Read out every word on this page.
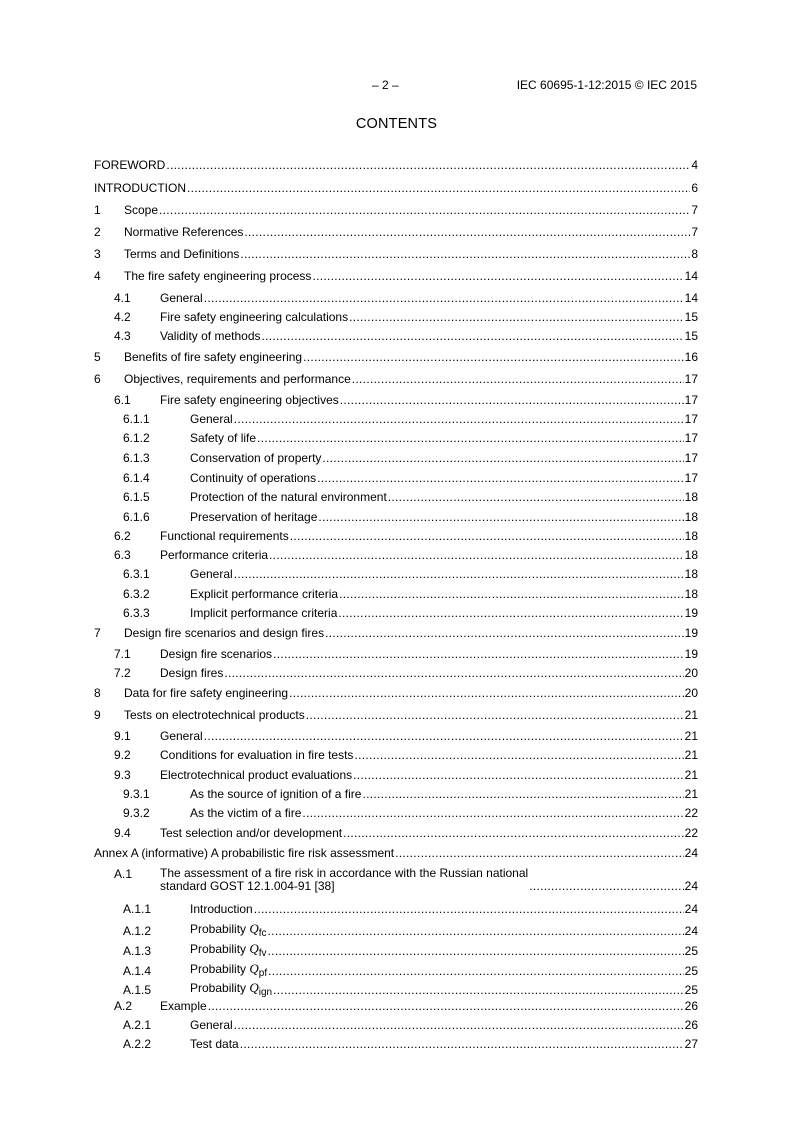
– 2 –	IEC 60695-1-12:2015 © IEC 2015
CONTENTS
FOREWORD .....	4
INTRODUCTION .....	6
1	Scope .....	7
2	Normative References .....	7
3	Terms and Definitions .....	8
4	The fire safety engineering process .....	14
4.1	General .....	14
4.2	Fire safety engineering calculations .....	15
4.3	Validity of methods .....	15
5	Benefits of fire safety engineering .....	16
6	Objectives, requirements and performance .....	17
6.1	Fire safety engineering objectives .....	17
6.1.1	General .....	17
6.1.2	Safety of life .....	17
6.1.3	Conservation of property .....	17
6.1.4	Continuity of operations .....	17
6.1.5	Protection of the natural environment .....	18
6.1.6	Preservation of heritage .....	18
6.2	Functional requirements .....	18
6.3	Performance criteria .....	18
6.3.1	General .....	18
6.3.2	Explicit performance criteria .....	18
6.3.3	Implicit performance criteria .....	19
7	Design fire scenarios and design fires .....	19
7.1	Design fire scenarios .....	19
7.2	Design fires .....	20
8	Data for fire safety engineering .....	20
9	Tests on electrotechnical products .....	21
9.1	General .....	21
9.2	Conditions for evaluation in fire tests .....	21
9.3	Electrotechnical product evaluations .....	21
9.3.1	As the source of ignition of a fire .....	21
9.3.2	As the victim of a fire .....	22
9.4	Test selection and/or development .....	22
Annex A (informative) A probabilistic fire risk assessment .....	24
A.1	The assessment of a fire risk in accordance with the Russian national
standard GOST 12.1.004-91 [38] .....	24
A.1.1	Introduction .....	24
A.1.2	Probability $Q_{fc}$ .....	24
A.1.3	Probability $Q_{fv}$ .....	25
A.1.4	Probability $Q_{pf}$ .....	25
A.1.5	Probability $Q_{ign}$ .....	25
A.2	Example .....	26
A.2.1	General .....	26
A.2.2	Test data .....	27
